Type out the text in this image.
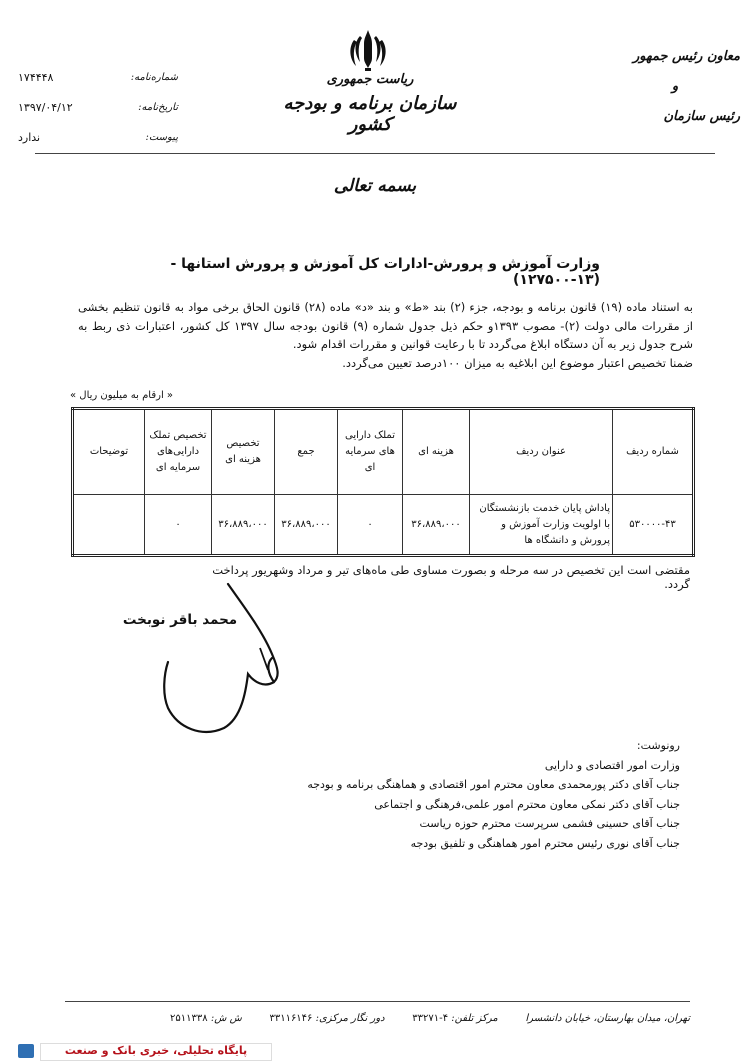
معاون رئیس جمهور
و
رئیس سازمان
ریاست جمهوری
سازمان برنامه و بودجه کشور
شماره‌نامه:
۱۷۴۴۴۸
تاریخ‌نامه:
۱۳۹۷/۰۴/۱۲
پیوست:
ندارد
بسمه تعالی
وزارت آموزش و پرورش-ادارات کل آموزش و پرورش استانها - (۱۳-۱۲۷۵۰۰)
به استناد ماده (۱۹) قانون برنامه و بودجه، جزء (۲) بند «ط» و بند «د» ماده (۲۸) قانون الحاق برخی مواد به قانون تنظیم بخشی از مقررات مالی دولت (۲)- مصوب ۱۳۹۳و حکم ذیل جدول شماره (۹) قانون بودجه سال ۱۳۹۷ کل کشور، اعتبارات ذی ربط به شرح جدول زیر به آن دستگاه ابلاغ می‌گردد تا با رعایت قوانین و مقررات اقدام شود.
ضمنا تخصیص اعتبار موضوع این ابلاغیه به میزان ۱۰۰درصد تعیین می‌گردد.
« ارقام به میلیون ریال »
شماره ردیف	عنوان ردیف	هزینه ای	تملک دارایی های سرمایه ای	جمع	تخصیص هزینه ای	تخصیص تملک دارایی‌های سرمایه ای	توضیحات
۵۳۰۰۰۰-۴۳	پاداش پایان خدمت بازنشستگان با اولویت وزارت آموزش و پرورش و دانشگاه ها	۳۶،۸۸۹،۰۰۰	۰	۳۶،۸۸۹،۰۰۰	۳۶،۸۸۹،۰۰۰	۰	
مقتضی است این تخصیص در سه مرحله و بصورت مساوی طی ماه‌های تیر و مرداد وشهریور پرداخت گردد.
محمد باقر نوبخت
رونوشت:
وزارت امور اقتصادی و دارایی
جناب آقای دکتر پورمحمدی معاون محترم امور اقتصادی و هماهنگی برنامه و بودجه
جناب آقای دکتر نمکی معاون محترم امور علمی،فرهنگی و اجتماعی
جناب آقای حسینی فشمی سرپرست محترم حوزه ریاست
جناب آقای نوری رئیس محترم امور هماهنگی و تلفیق بودجه
تهران، میدان بهارستان، خیابان دانشسرا
مرکز تلفن: ۴-۳۳۲۷۱
دور نگار مرکزی: ۳۳۱۱۶۱۴۶
ش ش: ۲۵۱۱۳۳۸
پایگاه تحلیلی، خبری بانک و صنعت
